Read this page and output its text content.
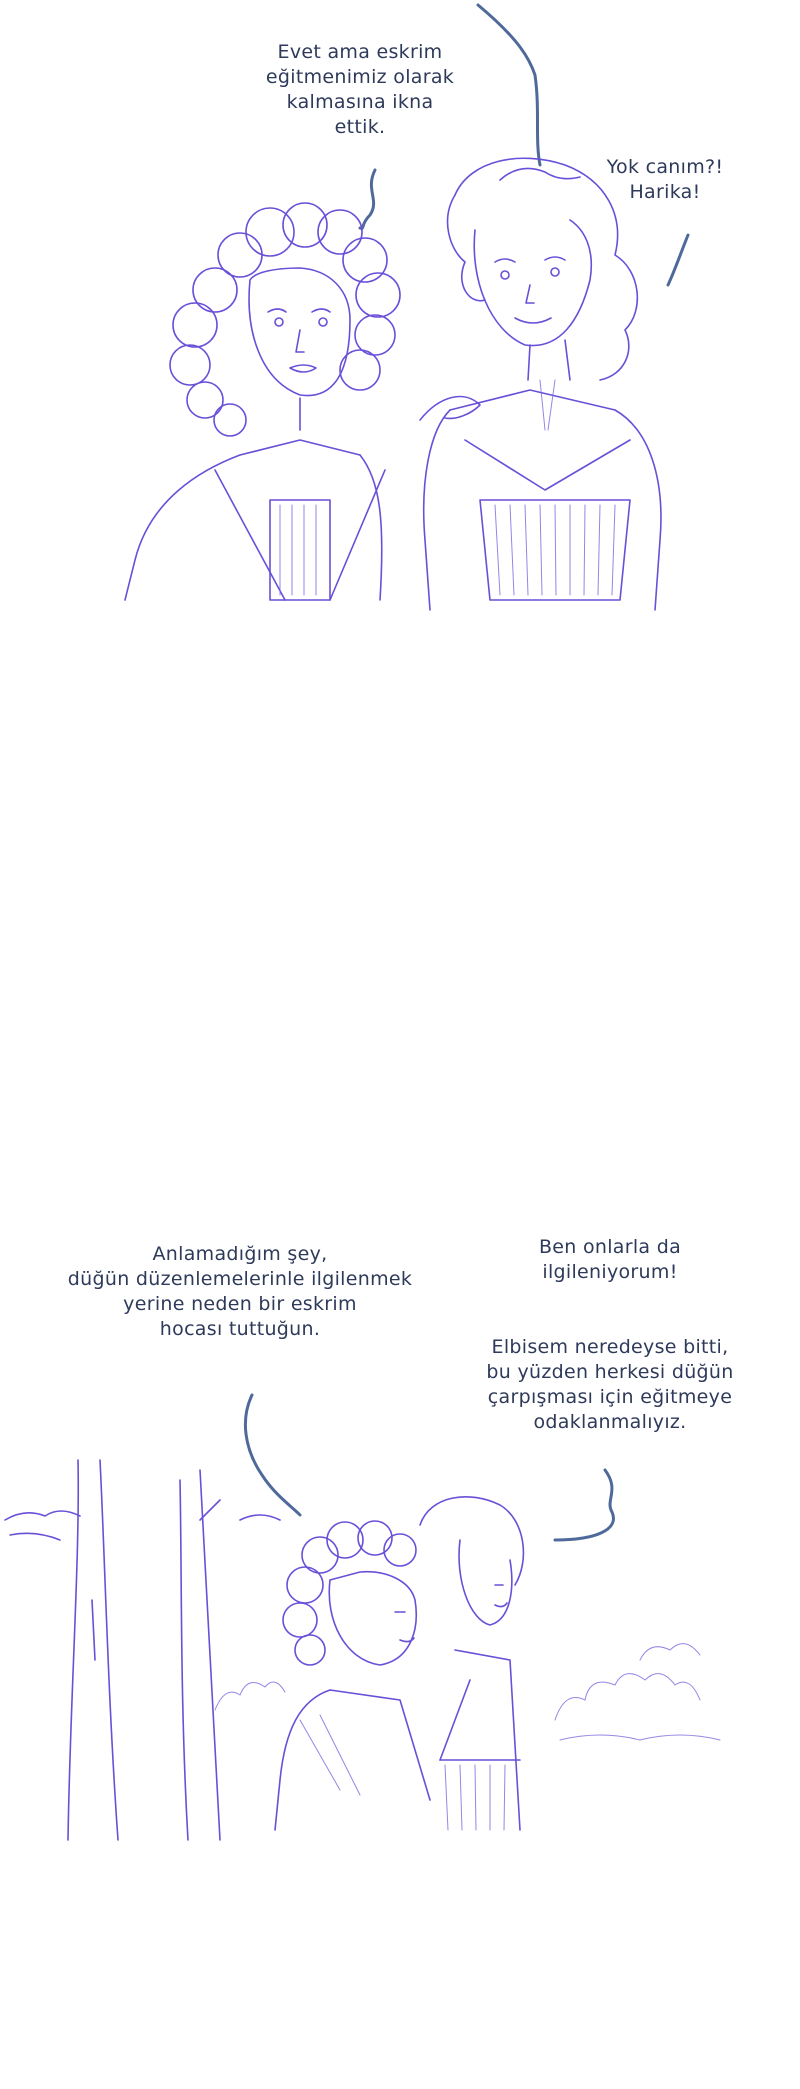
Evet ama eskrim
eğitmenimiz olarak
kalmasına ikna
ettik.
Yok canım?!
Harika!
Anlamadığım şey,
düğün düzenlemelerinle ilgilenmek
yerine neden bir eskrim
hocası tuttuğun.
Ben onlarla da
ilgileniyorum!
Elbisem neredeyse bitti,
bu yüzden herkesi düğün
çarpışması için eğitmeye
odaklanmalıyız.
